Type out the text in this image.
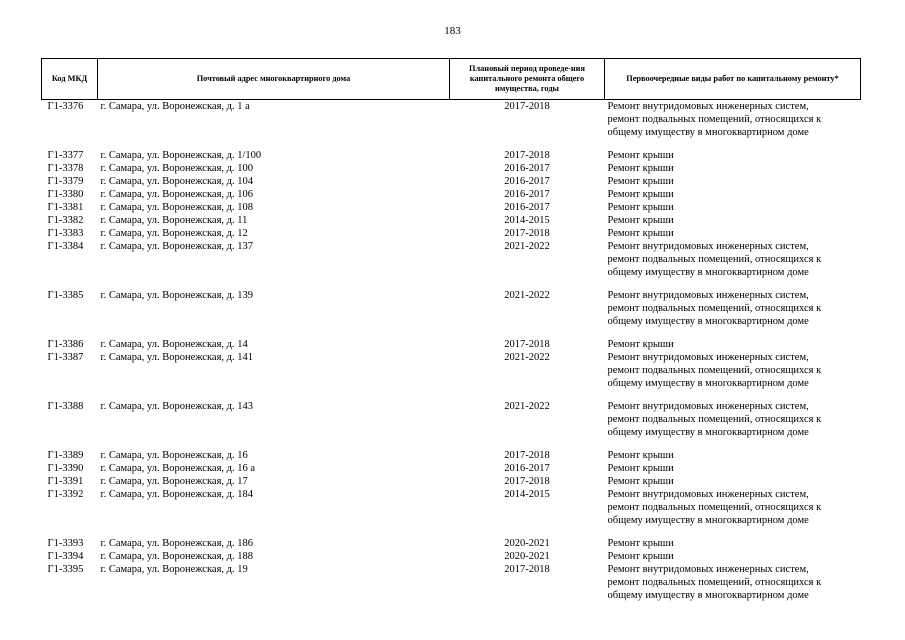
183
Код МКД	Почтовый адрес многоквартирного дома	Плановый период проведе-ния капитального ремонта общего имущества, годы	Первоочередные виды работ по капитальному ремонту*
Г1-3376	г. Самара, ул. Воронежская, д. 1 а	2017-2018	Ремонт внутридомовых инженерных систем,
ремонт подвальных помещений, относящихся к
общему имуществу в многоквартирном доме

Г1-3377	г. Самара, ул. Воронежская, д. 1/100	2017-2018	Ремонт крыши

Г1-3378	г. Самара, ул. Воронежская, д. 100	2016-2017	Ремонт крыши

Г1-3379	г. Самара, ул. Воронежская, д. 104	2016-2017	Ремонт крыши

Г1-3380	г. Самара, ул. Воронежская, д. 106	2016-2017	Ремонт крыши

Г1-3381	г. Самара, ул. Воронежская, д. 108	2016-2017	Ремонт крыши

Г1-3382	г. Самара, ул. Воронежская, д. 11	2014-2015	Ремонт крыши

Г1-3383	г. Самара, ул. Воронежская, д. 12	2017-2018	Ремонт крыши

Г1-3384	г. Самара, ул. Воронежская, д. 137	2021-2022	Ремонт внутридомовых инженерных систем,
ремонт подвальных помещений, относящихся к
общему имуществу в многоквартирном доме

Г1-3385	г. Самара, ул. Воронежская, д. 139	2021-2022	Ремонт внутридомовых инженерных систем,
ремонт подвальных помещений, относящихся к
общему имуществу в многоквартирном доме

Г1-3386	г. Самара, ул. Воронежская, д. 14	2017-2018	Ремонт крыши

Г1-3387	г. Самара, ул. Воронежская, д. 141	2021-2022	Ремонт внутридомовых инженерных систем,
ремонт подвальных помещений, относящихся к
общему имуществу в многоквартирном доме

Г1-3388	г. Самара, ул. Воронежская, д. 143	2021-2022	Ремонт внутридомовых инженерных систем,
ремонт подвальных помещений, относящихся к
общему имуществу в многоквартирном доме

Г1-3389	г. Самара, ул. Воронежская, д. 16	2017-2018	Ремонт крыши

Г1-3390	г. Самара, ул. Воронежская, д. 16 а	2016-2017	Ремонт крыши

Г1-3391	г. Самара, ул. Воронежская, д. 17	2017-2018	Ремонт крыши

Г1-3392	г. Самара, ул. Воронежская, д. 184	2014-2015	Ремонт внутридомовых инженерных систем,
ремонт подвальных помещений, относящихся к
общему имуществу в многоквартирном доме

Г1-3393	г. Самара, ул. Воронежская, д. 186	2020-2021	Ремонт крыши

Г1-3394	г. Самара, ул. Воронежская, д. 188	2020-2021	Ремонт крыши

Г1-3395	г. Самара, ул. Воронежская, д. 19	2017-2018	Ремонт внутридомовых инженерных систем,
ремонт подвальных помещений, относящихся к
общему имуществу в многоквартирном доме
